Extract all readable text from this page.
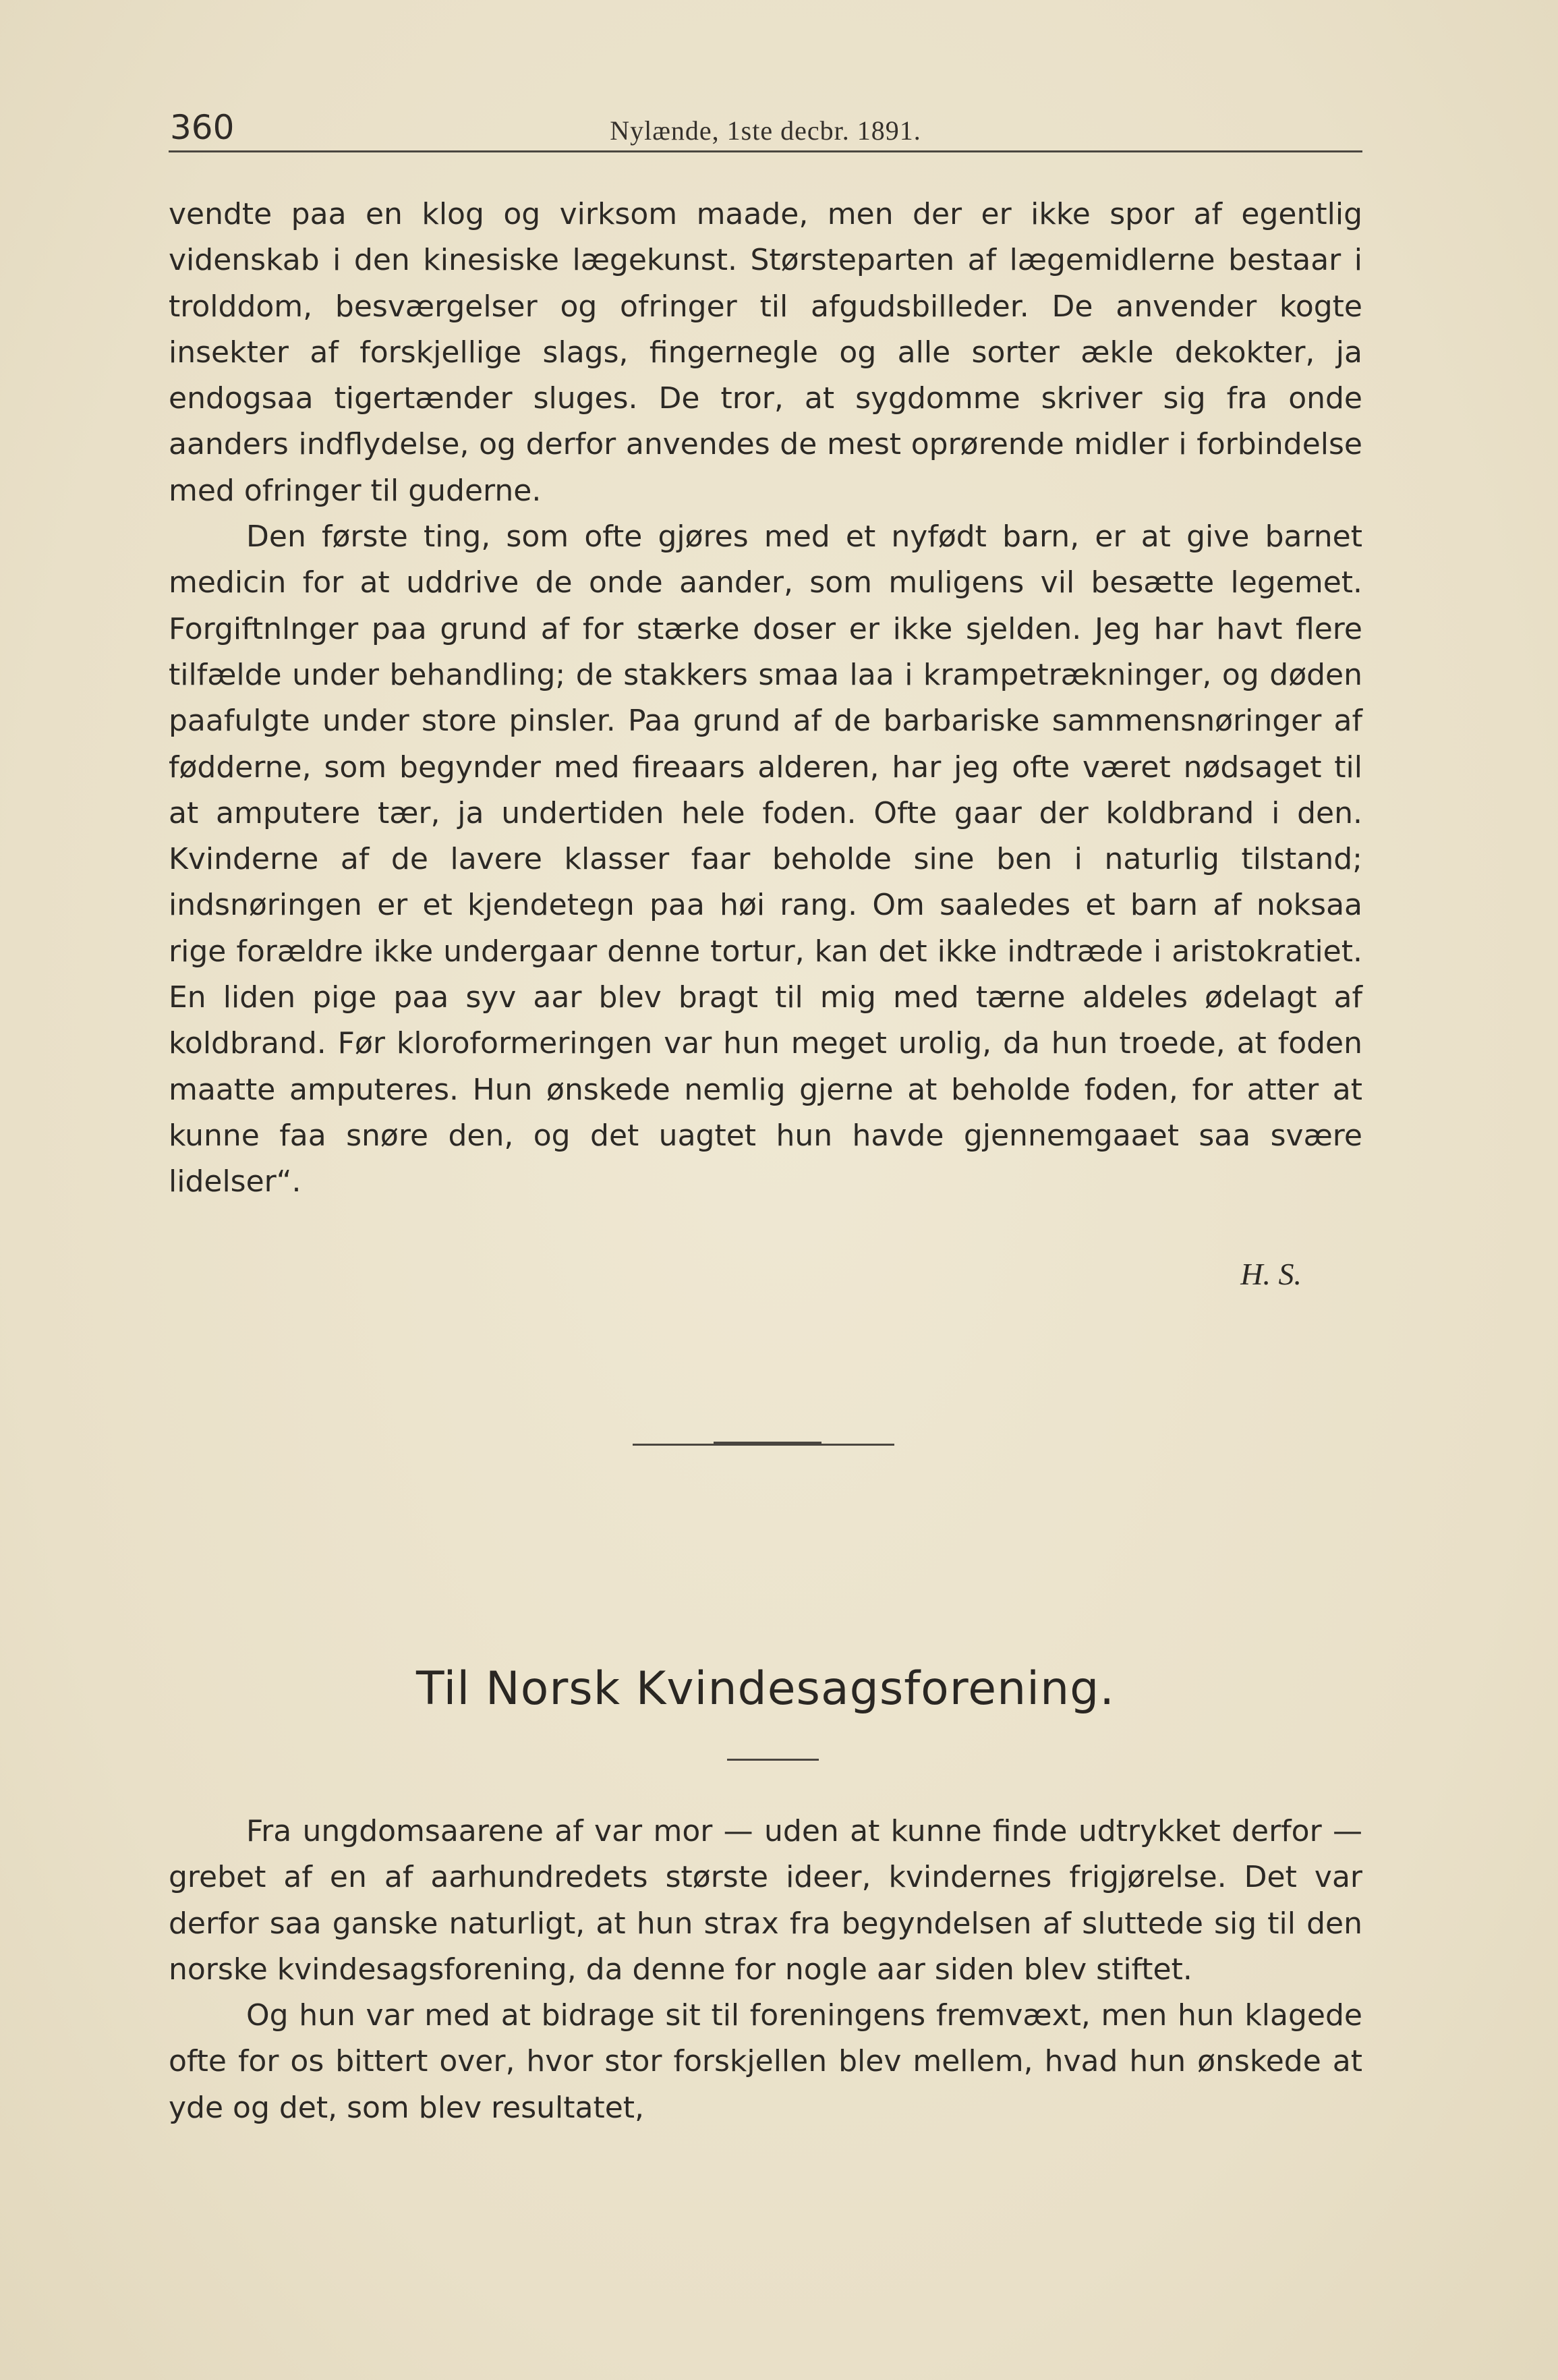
360	Nylænde, 1ste decbr. 1891.

vendte paa en klog og virksom maade, men der er ikke spor af egentlig videnskab i den kinesiske lægekunst. Størsteparten af lægemidlerne bestaar i trolddom, besværgelser og ofringer til afgudsbilleder. De anvender kogte insekter af forskjellige slags, fingernegle og alle sorter ækle dekokter, ja endogsaa tigertænder sluges. De tror, at sygdomme skriver sig fra onde aanders indflydelse, og derfor anvendes de mest oprørende midler i forbindelse med ofringer til guderne.

Den første ting, som ofte gjøres med et nyfødt barn, er at give barnet medicin for at uddrive de onde aander, som muligens vil besætte legemet. Forgiftnlnger paa grund af for stærke doser er ikke sjelden. Jeg har havt flere tilfælde under behandling; de stakkers smaa laa i krampetrækninger, og døden paafulgte under store pinsler. Paa grund af de barbariske sammensnøringer af fødderne, som begynder med fireaars alderen, har jeg ofte været nødsaget til at amputere tær, ja undertiden hele foden. Ofte gaar der koldbrand i den. Kvinderne af de lavere klasser faar beholde sine ben i naturlig tilstand; indsnøringen er et kjendetegn paa høi rang. Om saaledes et barn af noksaa rige forældre ikke undergaar denne tortur, kan det ikke indtræde i aristokratiet. En liden pige paa syv aar blev bragt til mig med tærne aldeles ødelagt af koldbrand. Før kloroformeringen var hun meget urolig, da hun troede, at foden maatte amputeres. Hun ønskede nemlig gjerne at beholde foden, for atter at kunne faa snøre den, og det uagtet hun havde gjennemgaaet saa svære lidelser“.

H. S.
Til Norsk Kvindesagsforening.

Fra ungdomsaarene af var mor — uden at kunne finde udtrykket derfor — grebet af en af aarhundredets største ideer, kvindernes frigjørelse. Det var derfor saa ganske naturligt, at hun strax fra begyndelsen af sluttede sig til den norske kvindesagsforening, da denne for nogle aar siden blev stiftet.

Og hun var med at bidrage sit til foreningens fremvæxt, men hun klagede ofte for os bittert over, hvor stor forskjellen blev mellem, hvad hun ønskede at yde og det, som blev resultatet,
